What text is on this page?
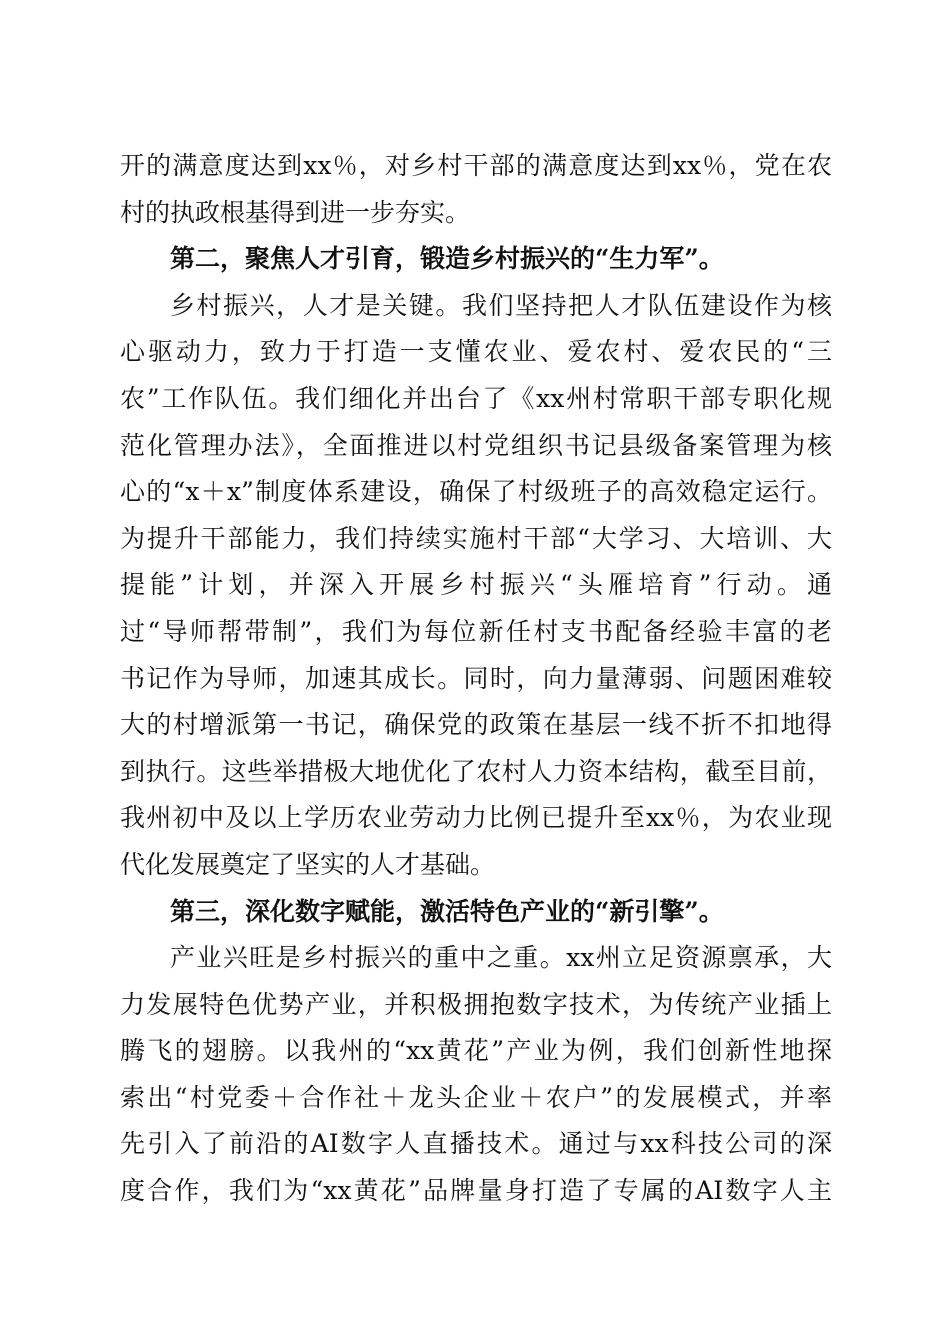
开的满意度达到xx％，对乡村干部的满意度达到xx％，党在农
村的执政根基得到进一步夯实。
第二，聚焦人才引育，锻造乡村振兴的“生力军”。
乡村振兴，人才是关键。我们坚持把人才队伍建设作为核
心驱动力，致力于打造一支懂农业、爱农村、爱农民的“三
农”工作队伍。我们细化并出台了《xx州村常职干部专职化规
范化管理办法》，全面推进以村党组织书记县级备案管理为核
心的“x＋x”制度体系建设，确保了村级班子的高效稳定运行。
为提升干部能力，我们持续实施村干部“大学习、大培训、大
提能”计划，并深入开展乡村振兴“头雁培育”行动。通
过“导师帮带制”，我们为每位新任村支书配备经验丰富的老
书记作为导师，加速其成长。同时，向力量薄弱、问题困难较
大的村增派第一书记，确保党的政策在基层一线不折不扣地得
到执行。这些举措极大地优化了农村人力资本结构，截至目前，
我州初中及以上学历农业劳动力比例已提升至xx％，为农业现
代化发展奠定了坚实的人才基础。
第三，深化数字赋能，激活特色产业的“新引擎”。
产业兴旺是乡村振兴的重中之重。xx州立足资源禀承，大
力发展特色优势产业，并积极拥抱数字技术，为传统产业插上
腾飞的翅膀。以我州的“xx黄花”产业为例，我们创新性地探
索出“村党委＋合作社＋龙头企业＋农户”的发展模式，并率
先引入了前沿的AI数字人直播技术。通过与xx科技公司的深
度合作，我们为“xx黄花”品牌量身打造了专属的AI数字人主
